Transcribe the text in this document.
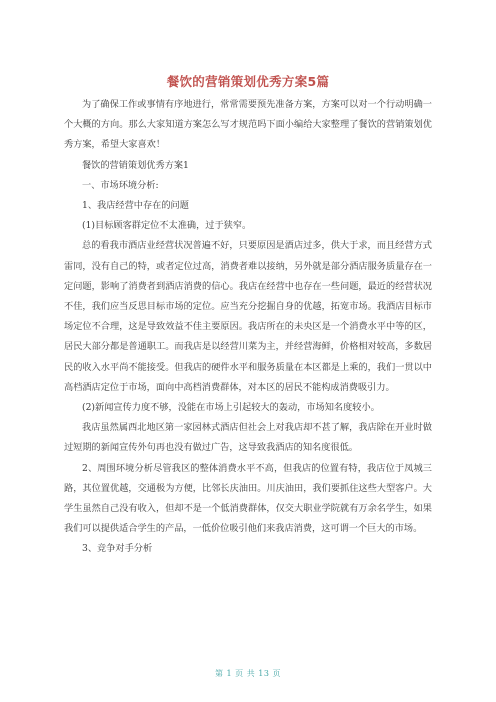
餐饮的营销策划优秀方案5篇

为了确保工作或事情有序地进行，常常需要预先准备方案，方案可以对一个行动明确一个大概的方向。那么大家知道方案怎么写才规范吗下面小编给大家整理了餐饮的营销策划优秀方案，希望大家喜欢！

餐饮的营销策划优秀方案1

一、市场环境分析:

1、我店经营中存在的问题

(1)目标顾客群定位不太准确，过于狭窄。

总的看我市酒店业经营状况普遍不好，只要原因是酒店过多，供大于求，而且经营方式雷同，没有自己的特，或者定位过高，消费者难以接纳，另外就是部分酒店服务质量存在一定问题，影响了消费者到酒店消费的信心。我店在经营中也存在一些问题，最近的经营状况不佳，我们应当反思目标市场的定位。应当充分挖掘自身的优越，拓宽市场。我酒店目标市场定位不合理，这是导致效益不佳主要原因。我店所在的未央区是一个消费水平中等的区，居民大部分都是普通职工。而我店是以经营川菜为主，并经营海鲜，价格相对较高，多数居民的收入水平尚不能接受。但我店的硬件水平和服务质量在本区都是上乘的，我们一贯以中高档酒店定位于市场，面向中高档消费群体，对本区的居民不能构成消费吸引力。

(2)新闻宣传力度不够，没能在市场上引起较大的轰动，市场知名度较小。

我店虽然属西北地区第一家园林式酒店但社会上对我店却不甚了解，我店除在开业时做过短期的新闻宣传外句再也没有做过广告，这导致我酒店的知名度很低。

2、周围环境分析尽管我区的整体消费水平不高，但我店的位置有特，我店位于凤城三路，其位置优越，交通极为方便，比邻长庆油田。川庆油田，我们要抓住这些大型客户。大学生虽然自己没有收入，但却不是一个低消费群体，仅交大职业学院就有万余名学生，如果我们可以提供适合学生的产品，一低价位吸引他们来我店消费，这可谓一个巨大的市场。

3、竞争对手分析

第 1 页 共 13 页
